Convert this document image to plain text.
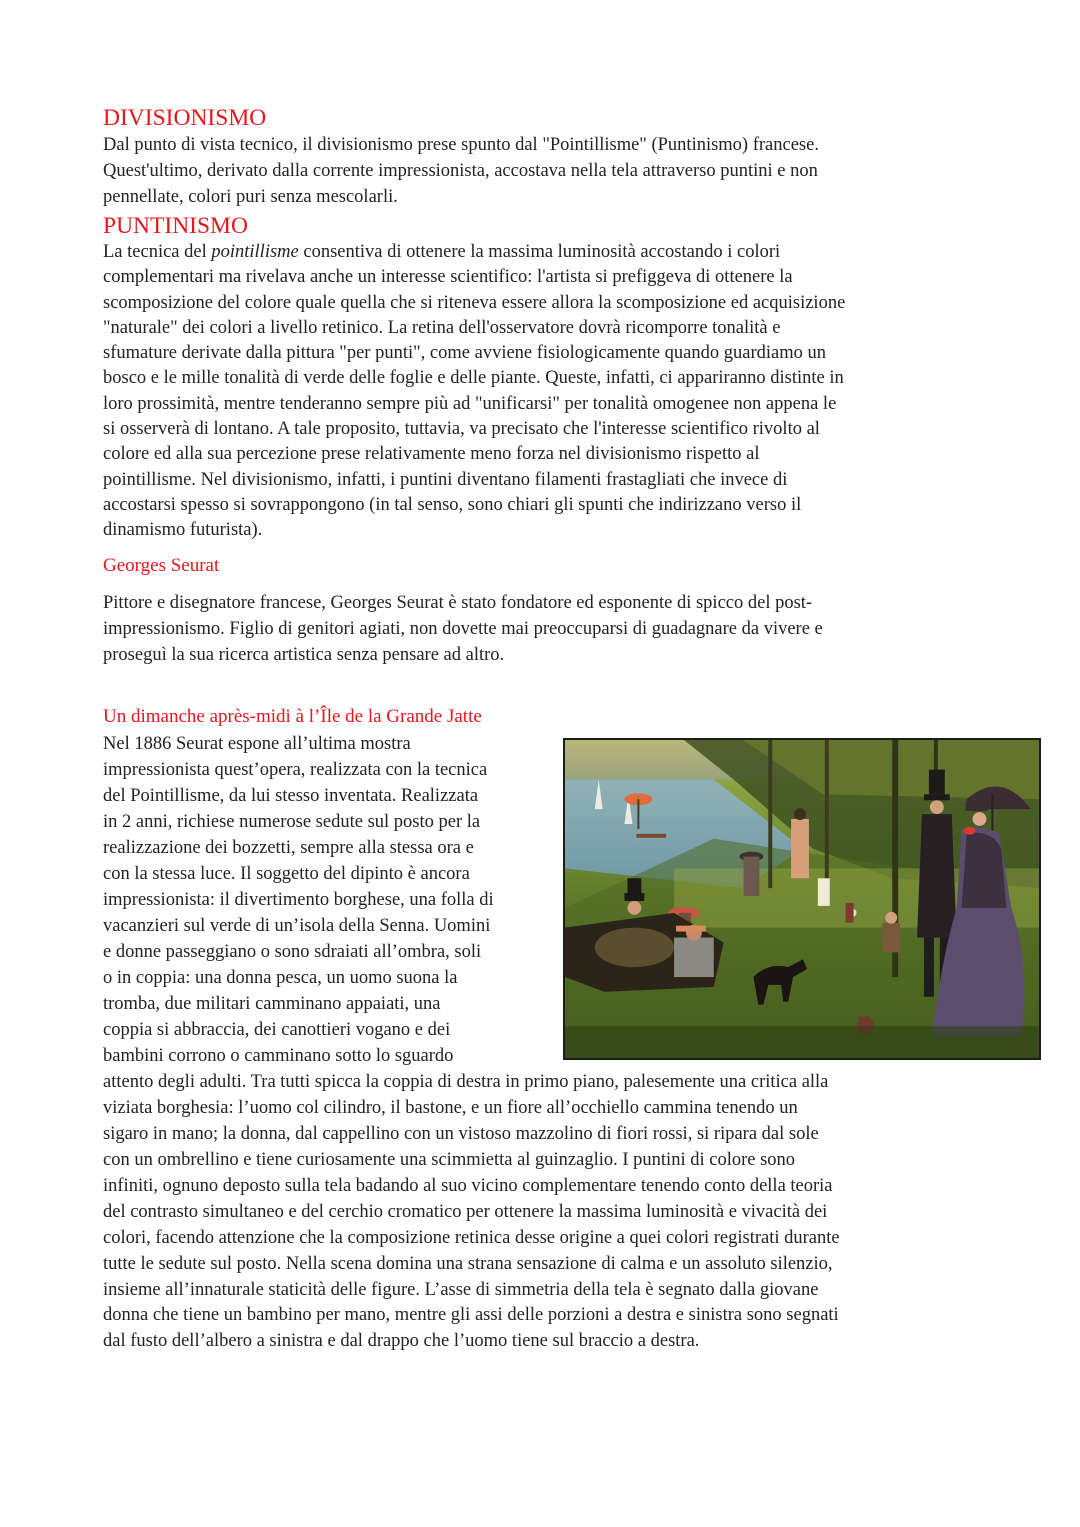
DIVISIONISMO
Dal punto di vista tecnico, il divisionismo prese spunto dal "Pointillisme" (Puntinismo) francese.
Quest'ultimo, derivato dalla corrente impressionista, accostava nella tela attraverso puntini e non
pennellate, colori puri senza mescolarli.
PUNTINISMO
La tecnica del pointillisme consentiva di ottenere la massima luminosità accostando i colori
complementari ma rivelava anche un interesse scientifico: l'artista si prefiggeva di ottenere la
scomposizione del colore quale quella che si riteneva essere allora la scomposizione ed acquisizione
"naturale" dei colori a livello retinico. La retina dell'osservatore dovrà ricomporre tonalità e
sfumature derivate dalla pittura "per punti", come avviene fisiologicamente quando guardiamo un
bosco e le mille tonalità di verde delle foglie e delle piante. Queste, infatti, ci appariranno distinte in
loro prossimità, mentre tenderanno sempre più ad "unificarsi" per tonalità omogenee non appena le
si osserverà di lontano. A tale proposito, tuttavia, va precisato che l'interesse scientifico rivolto al
colore ed alla sua percezione prese relativamente meno forza nel divisionismo rispetto al
pointillisme. Nel divisionismo, infatti, i puntini diventano filamenti frastagliati che invece di
accostarsi spesso si sovrappongono (in tal senso, sono chiari gli spunti che indirizzano verso il
dinamismo futurista).
Georges Seurat
Pittore e disegnatore francese, Georges Seurat è stato fondatore ed esponente di spicco del post-
impressionismo. Figlio di genitori agiati, non dovette mai preoccuparsi di guadagnare da vivere e
proseguì la sua ricerca artistica senza pensare ad altro.
Un dimanche après-midi à l’Île de la Grande Jatte
Nel 1886 Seurat espone all’ultima mostra
impressionista quest’opera, realizzata con la tecnica
del Pointillisme, da lui stesso inventata. Realizzata
in 2 anni, richiese numerose sedute sul posto per la
realizzazione dei bozzetti, sempre alla stessa ora e
con la stessa luce. Il soggetto del dipinto è ancora
impressionista: il divertimento borghese, una folla di
vacanzieri sul verde di un’isola della Senna. Uomini
e donne passeggiano o sono sdraiati all’ombra, soli
o in coppia: una donna pesca, un uomo suona la
tromba, due militari camminano appaiati, una
coppia si abbraccia, dei canottieri vogano e dei
bambini corrono o camminano sotto lo sguardo
attento degli adulti. Tra tutti spicca la coppia di destra in primo piano, palesemente una critica alla
viziata borghesia: l’uomo col cilindro, il bastone, e un fiore all’occhiello cammina tenendo un
sigaro in mano; la donna, dal cappellino con un vistoso mazzolino di fiori rossi, si ripara dal sole
con un ombrellino e tiene curiosamente una scimmietta al guinzaglio. I puntini di colore sono
infiniti, ognuno deposto sulla tela badando al suo vicino complementare tenendo conto della teoria
del contrasto simultaneo e del cerchio cromatico per ottenere la massima luminosità e vivacità dei
colori, facendo attenzione che la composizione retinica desse origine a quei colori registrati durante
tutte le sedute sul posto. Nella scena domina una strana sensazione di calma e un assoluto silenzio,
insieme all’innaturale staticità delle figure. L’asse di simmetria della tela è segnato dalla giovane
donna che tiene un bambino per mano, mentre gli assi delle porzioni a destra e sinistra sono segnati
dal fusto dell’albero a sinistra e dal drappo che l’uomo tiene sul braccio a destra.
